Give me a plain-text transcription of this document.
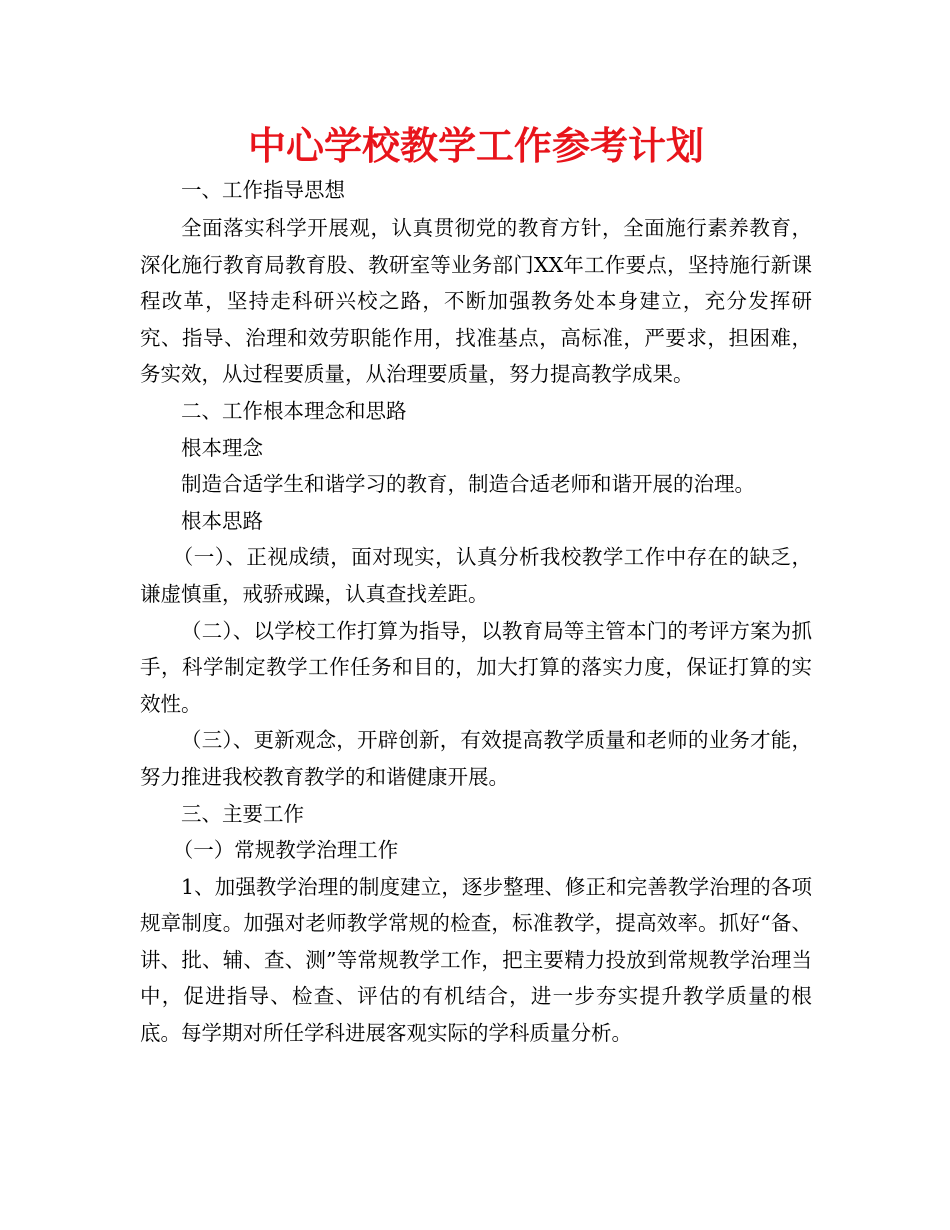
中心学校教学工作参考计划

一、工作指导思想

全面落实科学开展观，认真贯彻党的教育方针，全面施行素养教育，深化施行教育局教育股、教研室等业务部门XX年工作要点，坚持施行新课程改革，坚持走科研兴校之路，不断加强教务处本身建立，充分发挥研究、指导、治理和效劳职能作用，找准基点，高标准，严要求，担困难，务实效，从过程要质量，从治理要质量，努力提高教学成果。

二、工作根本理念和思路

根本理念

制造合适学生和谐学习的教育，制造合适老师和谐开展的治理。

根本思路

（一）、正视成绩，面对现实，认真分析我校教学工作中存在的缺乏，谦虚慎重，戒骄戒躁，认真查找差距。

（二）、以学校工作打算为指导，以教育局等主管本门的考评方案为抓手，科学制定教学工作任务和目的，加大打算的落实力度，保证打算的实效性。

（三）、更新观念，开辟创新，有效提高教学质量和老师的业务才能，努力推进我校教育教学的和谐健康开展。

三、主要工作

（一）常规教学治理工作

1、加强教学治理的制度建立，逐步整理、修正和完善教学治理的各项规章制度。加强对老师教学常规的检查，标准教学，提高效率。抓好“备、讲、批、辅、查、测”等常规教学工作，把主要精力投放到常规教学治理当中，促进指导、检查、评估的有机结合，进一步夯实提升教学质量的根底。每学期对所任学科进展客观实际的学科质量分析。
